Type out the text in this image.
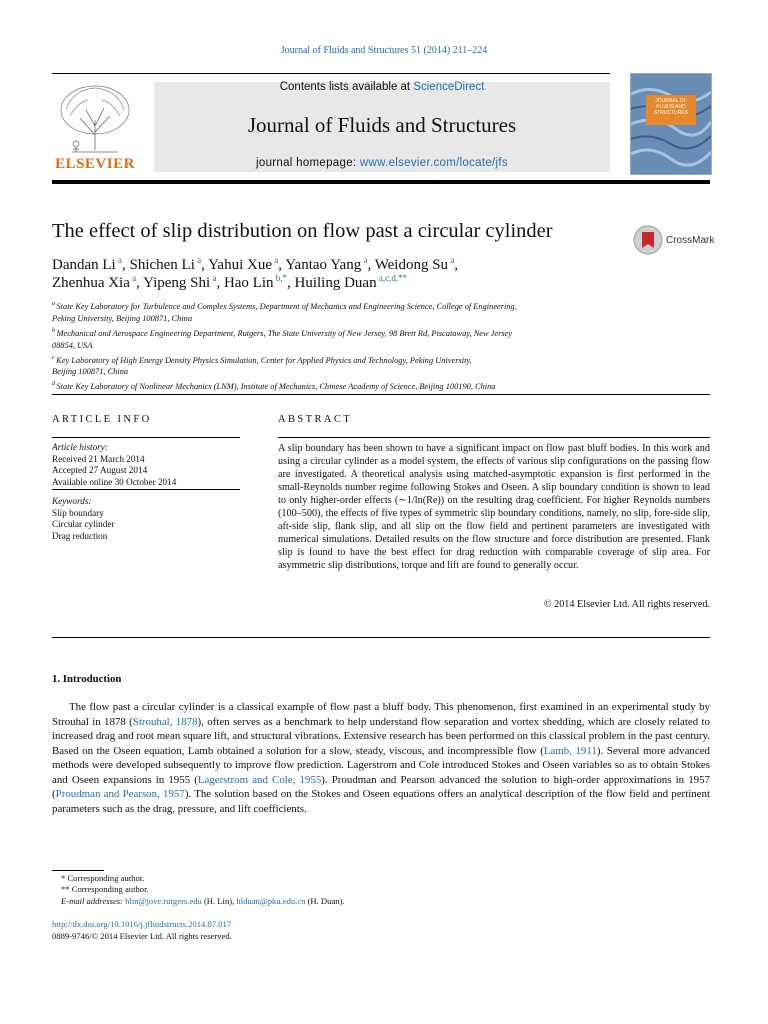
Journal of Fluids and Structures 51 (2014) 211–224
ELSEVIER
Contents lists available at ScienceDirect
Journal of Fluids and Structures
journal homepage: www.elsevier.com/locate/jfs
JOURNAL OF FLUIDS AND STRUCTURES
The effect of slip distribution on flow past a circular cylinder	CrossMark
Dandan Li $^a$, Shichen Li $^a$, Yahui Xue $^a$, Yantao Yang $^a$, Weidong Su $^a$,
Zhenhua Xia $^a$, Yipeng Shi $^a$, Hao Lin $^{b,*}$, Huiling Duan $^{a,c,d,**}$
$^a$ State Key Laboratory for Turbulence and Complex Systems, Department of Mechanics and Engineering Science, College of Engineering,
Peking University, Beijing 100871, China
$^b$ Mechanical and Aerospace Engineering Department, Rutgers, The State University of New Jersey, 98 Brett Rd, Piscataway, New Jersey
08854, USA
$^c$ Key Laboratory of High Energy Density Physics Simulation, Center for Applied Physics and Technology, Peking University,
Beijing 100871, China
$^d$ State Key Laboratory of Nonlinear Mechanics (LNM), Institute of Mechanics, Chinese Academy of Science, Beijing 100190, China
ARTICLE INFO
Article history:
Received 21 March 2014
Accepted 27 August 2014
Available online 30 October 2014
Keywords:
Slip boundary
Circular cylinder
Drag reduction
ABSTRACT
A slip boundary has been shown to have a significant impact on flow past bluff bodies. In this work and using a circular cylinder as a model system, the effects of various slip configurations on the passing flow are investigated. A theoretical analysis using matched-asymptotic expansion is first performed in the small-Reynolds number regime following Stokes and Oseen. A slip boundary condition is shown to lead to only higher-order effects (∼1/ln(Re)) on the resulting drag coefficient. For higher Reynolds numbers (100–500), the effects of five types of symmetric slip boundary conditions, namely, no slip, fore-side slip, aft-side slip, flank slip, and all slip on the flow field and pertinent parameters are investigated with numerical simulations. Detailed results on the flow structure and force distribution are presented. Flank slip is found to have the best effect for drag reduction with comparable coverage of slip area. For asymmetric slip distributions, torque and lift are found to generally occur.
© 2014 Elsevier Ltd. All rights reserved.
1. Introduction
The flow past a circular cylinder is a classical example of flow past a bluff body. This phenomenon, first examined in an experimental study by Strouhal in 1878 (Strouhal, 1878), often serves as a benchmark to help understand flow separation and vortex shedding, which are closely related to increased drag and root mean square lift, and structural vibrations. Extensive research has been performed on this classical problem in the past century. Based on the Oseen equation, Lamb obtained a solution for a slow, steady, viscous, and incompressible flow (Lamb, 1911). Several more advanced methods were developed subsequently to improve flow prediction. Lagerstrom and Cole introduced Stokes and Oseen variables so as to obtain Stokes and Oseen expansions in 1955 (Lagerstrom and Cole, 1955). Proudman and Pearson advanced the solution to high-order approximations in 1957 (Proudman and Pearson, 1957). The solution based on the Stokes and Oseen equations offers an analytical description of the flow field and pertinent parameters such as the drag, pressure, and lift coefficients.
* Corresponding author.
** Corresponding author.
E-mail addresses: hlin@jove.rutgers.edu (H. Lin), hlduan@pku.edu.cn (H. Duan).
http://dx.doi.org/10.1016/j.jfluidstructs.2014.07.017
0889-9746/© 2014 Elsevier Ltd. All rights reserved.
